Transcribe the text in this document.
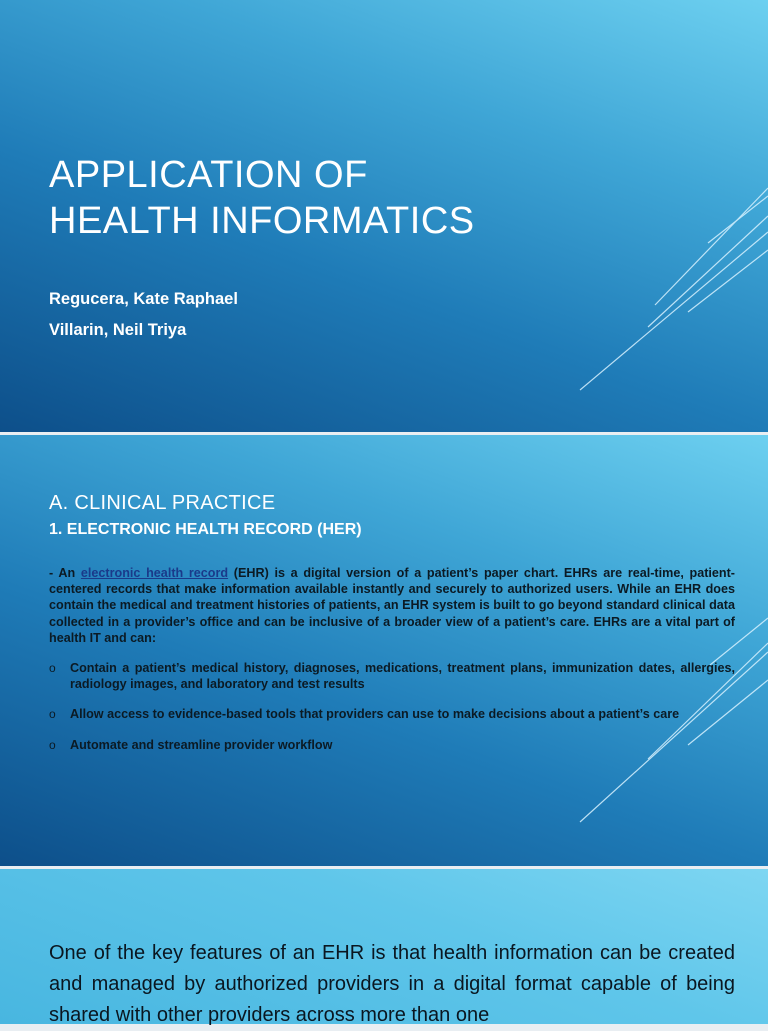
APPLICATION OF
HEALTH INFORMATICS

Regucera, Kate Raphael

Villarin, Neil Triya

A. CLINICAL PRACTICE
1. ELECTRONIC HEALTH RECORD (HER)

- An electronic health record (EHR) is a digital version of a patient’s paper chart. EHRs are real-time, patient-centered records that make information available instantly and securely to authorized users. While an EHR does contain the medical and treatment histories of patients, an EHR system is built to go beyond standard clinical data collected in a provider’s office and can be inclusive of a broader view of a patient’s care. EHRs are a vital part of health IT and can:

o Contain a patient’s medical history, diagnoses, medications, treatment plans, immunization dates, allergies, radiology images, and laboratory and test results
o Allow access to evidence-based tools that providers can use to make decisions about a patient’s care
o Automate and streamline provider workflow

One of the key features of an EHR is that health information can be created and managed by authorized providers in a digital format capable of being shared with other providers across more than one
